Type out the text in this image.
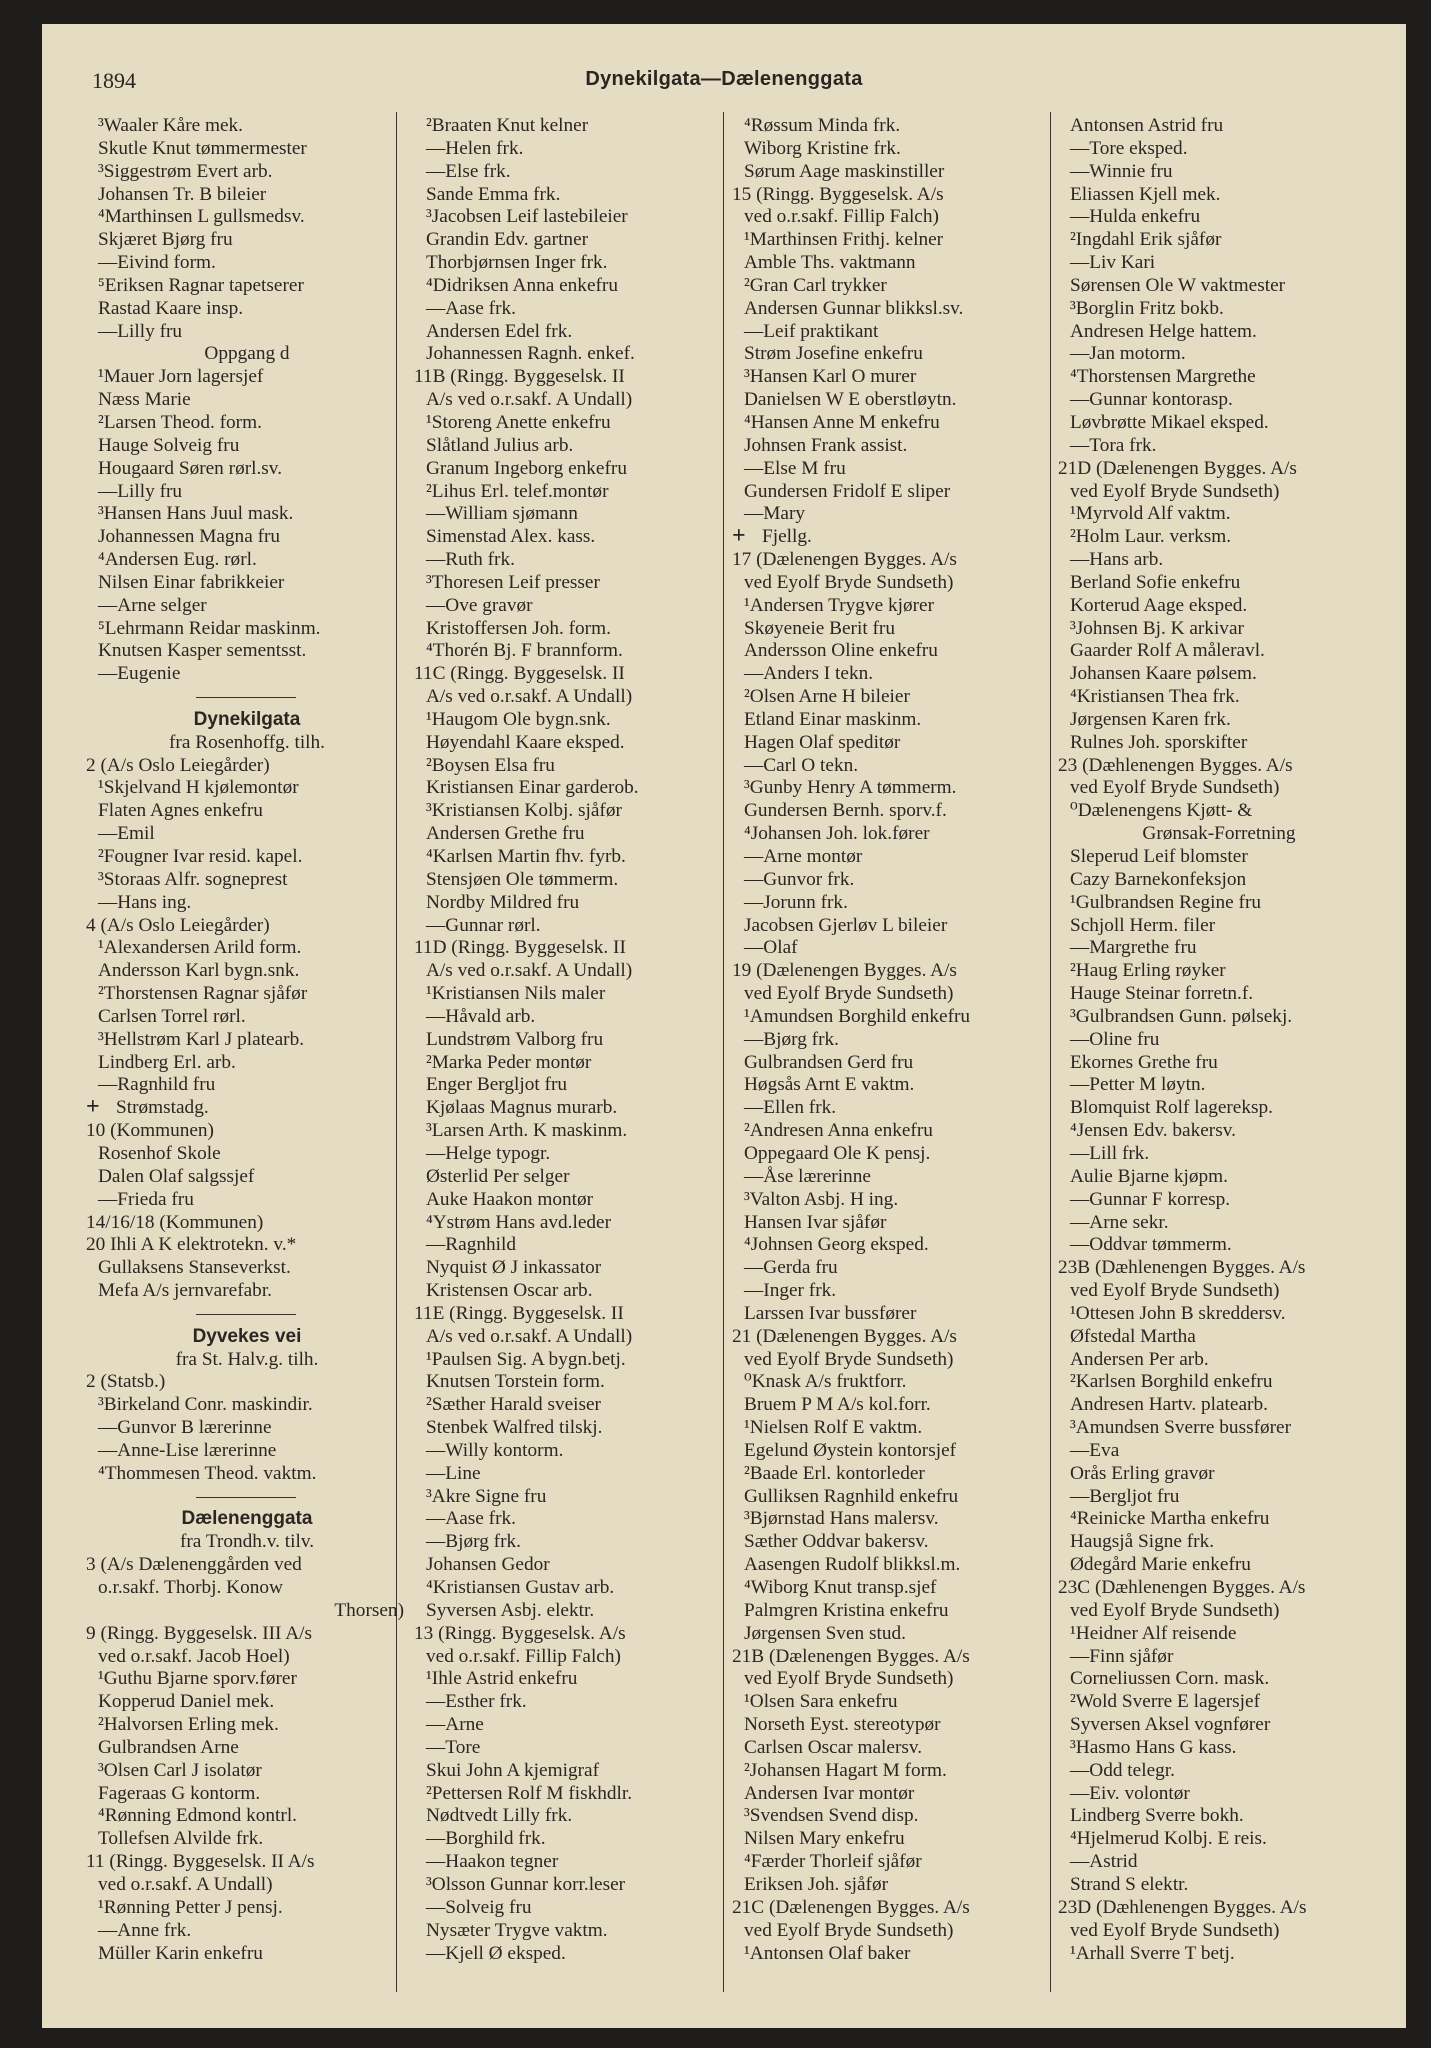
1894	Dynekilgata—Dælenenggata
³Waaler Kåre mek.
Skutle Knut tømmermester
³Siggestrøm Evert arb.
Johansen Tr. B bileier
⁴Marthinsen L gullsmedsv.
Skjæret Bjørg fru
—Eivind form.
⁵Eriksen Ragnar tapetserer
Rastad Kaare insp.
—Lilly fru
Oppgang d
¹Mauer Jorn lagersjef
Næss Marie
²Larsen Theod. form.
Hauge Solveig fru
Hougaard Søren rørl.sv.
—Lilly fru
³Hansen Hans Juul mask.
Johannessen Magna fru
⁴Andersen Eug. rørl.
Nilsen Einar fabrikkeier
—Arne selger
⁵Lehrmann Reidar maskinm.
Knutsen Kasper sementsst.
—Eugenie
Dynekilgata
fra Rosenhoffg. tilh.
2 (A/s Oslo Leiegårder)
¹Skjelvand H kjølemontør
Flaten Agnes enkefru
—Emil
²Fougner Ivar resid. kapel.
³Storaas Alfr. sogneprest
—Hans ing.
4 (A/s Oslo Leiegårder)
¹Alexandersen Arild form.
Andersson Karl bygn.snk.
²Thorstensen Ragnar sjåfør
Carlsen Torrel rørl.
³Hellstrøm Karl J platearb.
Lindberg Erl. arb.
—Ragnhild fru
+ Strømstadg.
10 (Kommunen)
Rosenhof Skole
Dalen Olaf salgssjef
—Frieda fru
14/16/18 (Kommunen)
20 Ihli A K elektrotekn. v.*
Gullaksens Stanseverkst.
Mefa A/s jernvarefabr.
Dyvekes vei
fra St. Halv.g. tilh.
2 (Statsb.)
³Birkeland Conr. maskindir.
—Gunvor B lærerinne
—Anne-Lise lærerinne
⁴Thommesen Theod. vaktm.
Dælenenggata
fra Trondh.v. tilv.
3 (A/s Dælenenggården ved
o.r.sakf. Thorbj. Konow
Thorsen)
9 (Ringg. Byggeselsk. III A/s
ved o.r.sakf. Jacob Hoel)
¹Guthu Bjarne sporv.fører
Kopperud Daniel mek.
²Halvorsen Erling mek.
Gulbrandsen Arne
³Olsen Carl J isolatør
Fageraas G kontorm.
⁴Rønning Edmond kontrl.
Tollefsen Alvilde frk.
11 (Ringg. Byggeselsk. II A/s
ved o.r.sakf. A Undall)
¹Rønning Petter J pensj.
—Anne frk.
Müller Karin enkefru
²Braaten Knut kelner
—Helen frk.
—Else frk.
Sande Emma frk.
³Jacobsen Leif lastebileier
Grandin Edv. gartner
Thorbjørnsen Inger frk.
⁴Didriksen Anna enkefru
—Aase frk.
Andersen Edel frk.
Johannessen Ragnh. enkef.
11B (Ringg. Byggeselsk. II
A/s ved o.r.sakf. A Undall)
¹Storeng Anette enkefru
Slåtland Julius arb.
Granum Ingeborg enkefru
²Lihus Erl. telef.montør
—William sjømann
Simenstad Alex. kass.
—Ruth frk.
³Thoresen Leif presser
—Ove gravør
Kristoffersen Joh. form.
⁴Thorén Bj. F brannform.
11C (Ringg. Byggeselsk. II
A/s ved o.r.sakf. A Undall)
¹Haugom Ole bygn.snk.
Høyendahl Kaare eksped.
²Boysen Elsa fru
Kristiansen Einar garderob.
³Kristiansen Kolbj. sjåfør
Andersen Grethe fru
⁴Karlsen Martin fhv. fyrb.
Stensjøen Ole tømmerm.
Nordby Mildred fru
—Gunnar rørl.
11D (Ringg. Byggeselsk. II
A/s ved o.r.sakf. A Undall)
¹Kristiansen Nils maler
—Håvald arb.
Lundstrøm Valborg fru
²Marka Peder montør
Enger Bergljot fru
Kjølaas Magnus murarb.
³Larsen Arth. K maskinm.
—Helge typogr.
Østerlid Per selger
Auke Haakon montør
⁴Ystrøm Hans avd.leder
—Ragnhild
Nyquist Ø J inkassator
Kristensen Oscar arb.
11E (Ringg. Byggeselsk. II
A/s ved o.r.sakf. A Undall)
¹Paulsen Sig. A bygn.betj.
Knutsen Torstein form.
²Sæther Harald sveiser
Stenbek Walfred tilskj.
—Willy kontorm.
—Line
³Akre Signe fru
—Aase frk.
—Bjørg frk.
Johansen Gedor
⁴Kristiansen Gustav arb.
Syversen Asbj. elektr.
13 (Ringg. Byggeselsk. A/s
ved o.r.sakf. Fillip Falch)
¹Ihle Astrid enkefru
—Esther frk.
—Arne
—Tore
Skui John A kjemigraf
²Pettersen Rolf M fiskhdlr.
Nødtvedt Lilly frk.
—Borghild frk.
—Haakon tegner
³Olsson Gunnar korr.leser
—Solveig fru
Nysæter Trygve vaktm.
—Kjell Ø eksped.
⁴Røssum Minda frk.
Wiborg Kristine frk.
Sørum Aage maskinstiller
15 (Ringg. Byggeselsk. A/s
ved o.r.sakf. Fillip Falch)
¹Marthinsen Frithj. kelner
Amble Ths. vaktmann
²Gran Carl trykker
Andersen Gunnar blikksl.sv.
—Leif praktikant
Strøm Josefine enkefru
³Hansen Karl O murer
Danielsen W E oberstløytn.
⁴Hansen Anne M enkefru
Johnsen Frank assist.
—Else M fru
Gundersen Fridolf E sliper
—Mary
+ Fjellg.
17 (Dælenengen Bygges. A/s
ved Eyolf Bryde Sundseth)
¹Andersen Trygve kjører
Skøyeneie Berit fru
Andersson Oline enkefru
—Anders I tekn.
²Olsen Arne H bileier
Etland Einar maskinm.
Hagen Olaf speditør
—Carl O tekn.
³Gunby Henry A tømmerm.
Gundersen Bernh. sporv.f.
⁴Johansen Joh. lok.fører
—Arne montør
—Gunvor frk.
—Jorunn frk.
Jacobsen Gjerløv L bileier
—Olaf
19 (Dælenengen Bygges. A/s
ved Eyolf Bryde Sundseth)
¹Amundsen Borghild enkefru
—Bjørg frk.
Gulbrandsen Gerd fru
Høgsås Arnt E vaktm.
—Ellen frk.
²Andresen Anna enkefru
Oppegaard Ole K pensj.
—Åse lærerinne
³Valton Asbj. H ing.
Hansen Ivar sjåfør
⁴Johnsen Georg eksped.
—Gerda fru
—Inger frk.
Larssen Ivar bussfører
21 (Dælenengen Bygges. A/s
ved Eyolf Bryde Sundseth)
⁰Knask A/s fruktforr.
Bruem P M A/s kol.forr.
¹Nielsen Rolf E vaktm.
Egelund Øystein kontorsjef
²Baade Erl. kontorleder
Gulliksen Ragnhild enkefru
³Bjørnstad Hans malersv.
Sæther Oddvar bakersv.
Aasengen Rudolf blikksl.m.
⁴Wiborg Knut transp.sjef
Palmgren Kristina enkefru
Jørgensen Sven stud.
21B (Dælenengen Bygges. A/s
ved Eyolf Bryde Sundseth)
¹Olsen Sara enkefru
Norseth Eyst. stereotypør
Carlsen Oscar malersv.
²Johansen Hagart M form.
Andersen Ivar montør
³Svendsen Svend disp.
Nilsen Mary enkefru
⁴Færder Thorleif sjåfør
Eriksen Joh. sjåfør
21C (Dælenengen Bygges. A/s
ved Eyolf Bryde Sundseth)
¹Antonsen Olaf baker
Antonsen Astrid fru
—Tore eksped.
—Winnie fru
Eliassen Kjell mek.
—Hulda enkefru
²Ingdahl Erik sjåfør
—Liv Kari
Sørensen Ole W vaktmester
³Borglin Fritz bokb.
Andresen Helge hattem.
—Jan motorm.
⁴Thorstensen Margrethe
—Gunnar kontorasp.
Løvbrøtte Mikael eksped.
—Tora frk.
21D (Dælenengen Bygges. A/s
ved Eyolf Bryde Sundseth)
¹Myrvold Alf vaktm.
²Holm Laur. verksm.
—Hans arb.
Berland Sofie enkefru
Korterud Aage eksped.
³Johnsen Bj. K arkivar
Gaarder Rolf A måleravl.
Johansen Kaare pølsem.
⁴Kristiansen Thea frk.
Jørgensen Karen frk.
Rulnes Joh. sporskifter
23 (Dæhlenengen Bygges. A/s
ved Eyolf Bryde Sundseth)
⁰Dælenengens Kjøtt- &
Grønsak-Forretning
Sleperud Leif blomster
Cazy Barnekonfeksjon
¹Gulbrandsen Regine fru
Schjoll Herm. filer
—Margrethe fru
²Haug Erling røyker
Hauge Steinar forretn.f.
³Gulbrandsen Gunn. pølsekj.
—Oline fru
Ekornes Grethe fru
—Petter M løytn.
Blomquist Rolf lagereksp.
⁴Jensen Edv. bakersv.
—Lill frk.
Aulie Bjarne kjøpm.
—Gunnar F korresp.
—Arne sekr.
—Oddvar tømmerm.
23B (Dæhlenengen Bygges. A/s
ved Eyolf Bryde Sundseth)
¹Ottesen John B skreddersv.
Øfstedal Martha
Andersen Per arb.
²Karlsen Borghild enkefru
Andresen Hartv. platearb.
³Amundsen Sverre bussfører
—Eva
Orås Erling gravør
—Bergljot fru
⁴Reinicke Martha enkefru
Haugsjå Signe frk.
Ødegård Marie enkefru
23C (Dæhlenengen Bygges. A/s
ved Eyolf Bryde Sundseth)
¹Heidner Alf reisende
—Finn sjåfør
Corneliussen Corn. mask.
²Wold Sverre E lagersjef
Syversen Aksel vognfører
³Hasmo Hans G kass.
—Odd telegr.
—Eiv. volontør
Lindberg Sverre bokh.
⁴Hjelmerud Kolbj. E reis.
—Astrid
Strand S elektr.
23D (Dæhlenengen Bygges. A/s
ved Eyolf Bryde Sundseth)
¹Arhall Sverre T betj.
